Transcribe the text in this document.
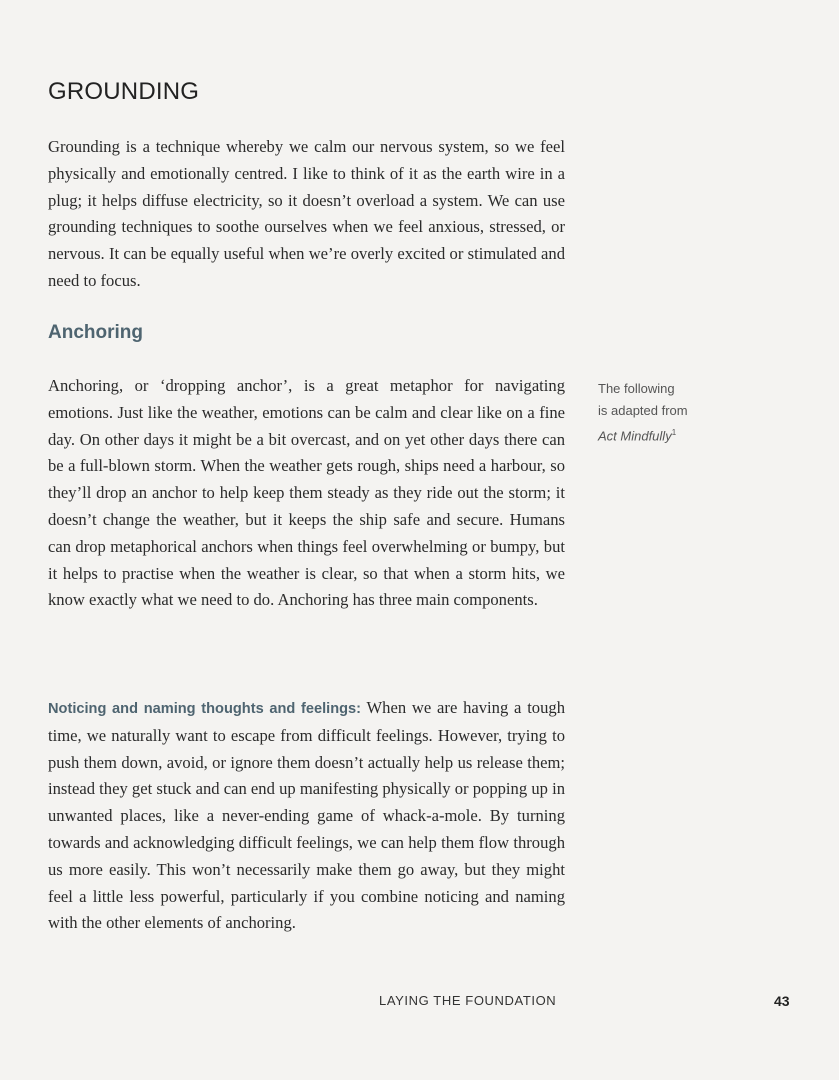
GROUNDING

Grounding is a technique whereby we calm our nervous system, so we feel physically and emotionally centred. I like to think of it as the earth wire in a plug; it helps diffuse electricity, so it doesn’t overload a system. We can use grounding techniques to soothe ourselves when we feel anxious, stressed, or nervous. It can be equally useful when we’re overly excited or stimulated and need to focus.

Anchoring

Anchoring, or ‘dropping anchor’, is a great metaphor for navigating emotions. Just like the weather, emotions can be calm and clear like on a fine day. On other days it might be a bit overcast, and on yet other days there can be a full-blown storm. When the weather gets rough, ships need a harbour, so they’ll drop an anchor to help keep them steady as they ride out the storm; it doesn’t change the weather, but it keeps the ship safe and secure. Humans can drop metaphorical anchors when things feel overwhelming or bumpy, but it helps to practise when the weather is clear, so that when a storm hits, we know exactly what we need to do. Anchoring has three main components.

Noticing and naming thoughts and feelings: When we are having a tough time, we naturally want to escape from difficult feelings. However, trying to push them down, avoid, or ignore them doesn’t actually help us release them; instead they get stuck and can end up manifesting physically or popping up in unwanted places, like a never-ending game of whack-a-mole. By turning towards and acknowledging difficult feelings, we can help them flow through us more easily. This won’t necessarily make them go away, but they might feel a little less powerful, particularly if you combine noticing and naming with the other elements of anchoring.

The following
is adapted from
Act Mindfully$^1$
LAYING THE FOUNDATION	43
